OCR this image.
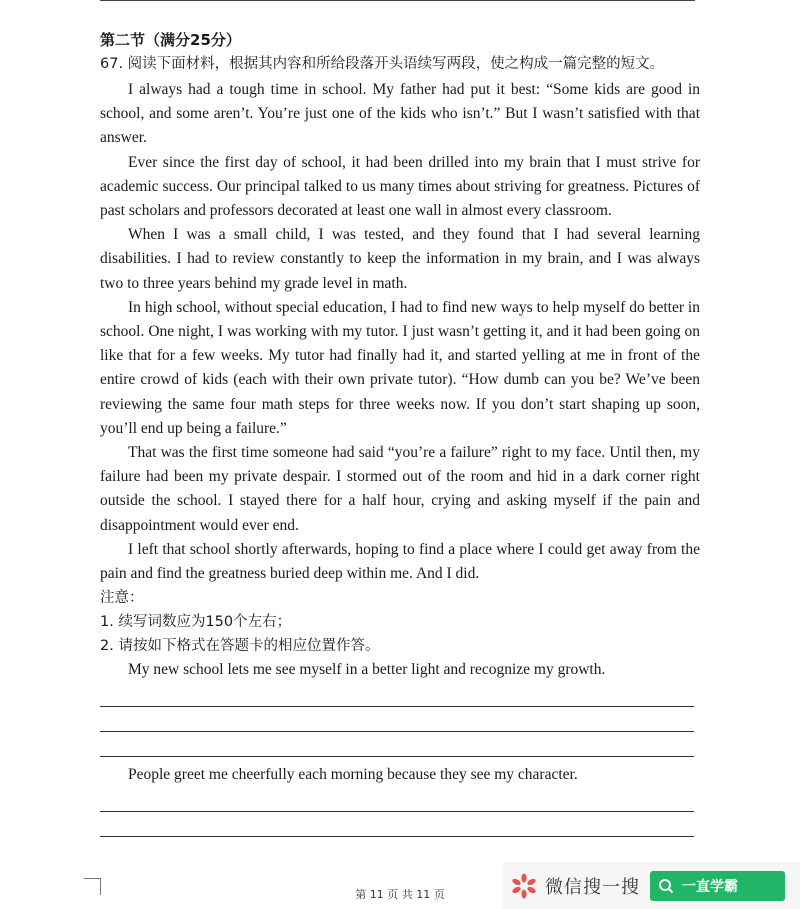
第二节（满分25分）

67. 阅读下面材料，根据其内容和所给段落开头语续写两段，使之构成一篇完整的短文。

I always had a tough time in school. My father had put it best: “Some kids are good in school, and some aren’t. You’re just one of the kids who isn’t.” But I wasn’t satisfied with that answer.

Ever since the first day of school, it had been drilled into my brain that I must strive for academic success. Our principal talked to us many times about striving for greatness. Pictures of past scholars and professors decorated at least one wall in almost every classroom.

When I was a small child, I was tested, and they found that I had several learning disabilities. I had to review constantly to keep the information in my brain, and I was always two to three years behind my grade level in math.

In high school, without special education, I had to find new ways to help myself do better in school. One night, I was working with my tutor. I just wasn’t getting it, and it had been going on like that for a few weeks. My tutor had finally had it, and started yelling at me in front of the entire crowd of kids (each with their own private tutor). “How dumb can you be? We’ve been reviewing the same four math steps for three weeks now. If you don’t start shaping up soon, you’ll end up being a failure.”

That was the first time someone had said “you’re a failure” right to my face. Until then, my failure had been my private despair. I stormed out of the room and hid in a dark corner right outside the school. I stayed there for a half hour, crying and asking myself if the pain and disappointment would ever end.

I left that school shortly afterwards, hoping to find a place where I could get away from the pain and find the greatness buried deep within me. And I did.

注意：

1. 续写词数应为150个左右；

2. 请按如下格式在答题卡的相应位置作答。

My new school lets me see myself in a better light and recognize my growth.

People greet me cheerfully each morning because they see my character.

第 11 页 共 11 页	微信搜一搜	一直学霸
